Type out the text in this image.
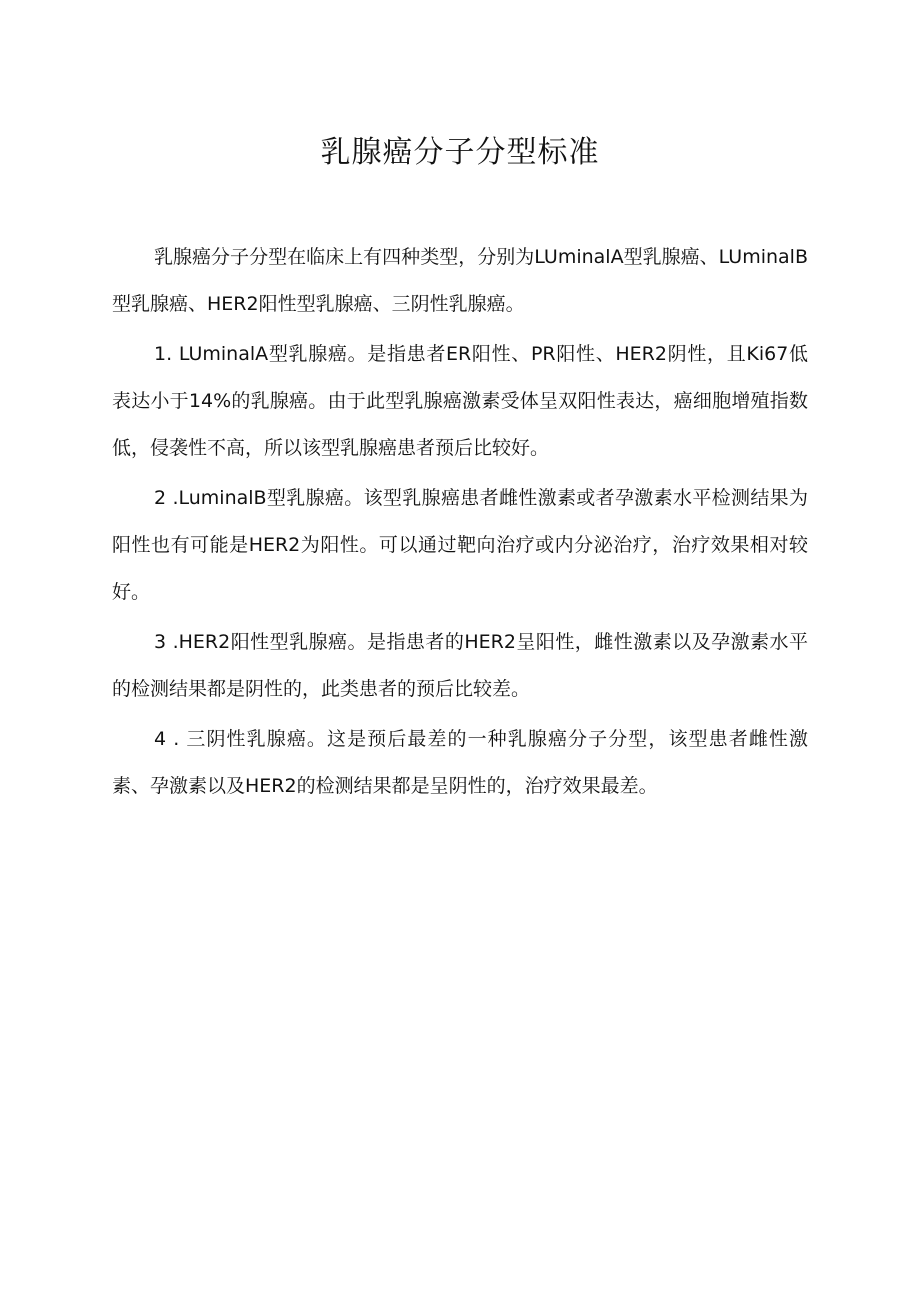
乳腺癌分子分型标准

乳腺癌分子分型在临床上有四种类型，分别为LUminalA型乳腺癌、LUminalB型乳腺癌、HER2阳性型乳腺癌、三阴性乳腺癌。

1. LUminalA型乳腺癌。是指患者ER阳性、PR阳性、HER2阴性，且Ki67低表达小于14%的乳腺癌。由于此型乳腺癌激素受体呈双阳性表达，癌细胞增殖指数低，侵袭性不高，所以该型乳腺癌患者预后比较好。

2 .LuminalB型乳腺癌。该型乳腺癌患者雌性激素或者孕激素水平检测结果为阳性也有可能是HER2为阳性。可以通过靶向治疗或内分泌治疗，治疗效果相对较好。

3 .HER2阳性型乳腺癌。是指患者的HER2呈阳性，雌性激素以及孕激素水平的检测结果都是阴性的，此类患者的预后比较差。

4 . 三阴性乳腺癌。这是预后最差的一种乳腺癌分子分型，该型患者雌性激素、孕激素以及HER2的检测结果都是呈阴性的，治疗效果最差。
